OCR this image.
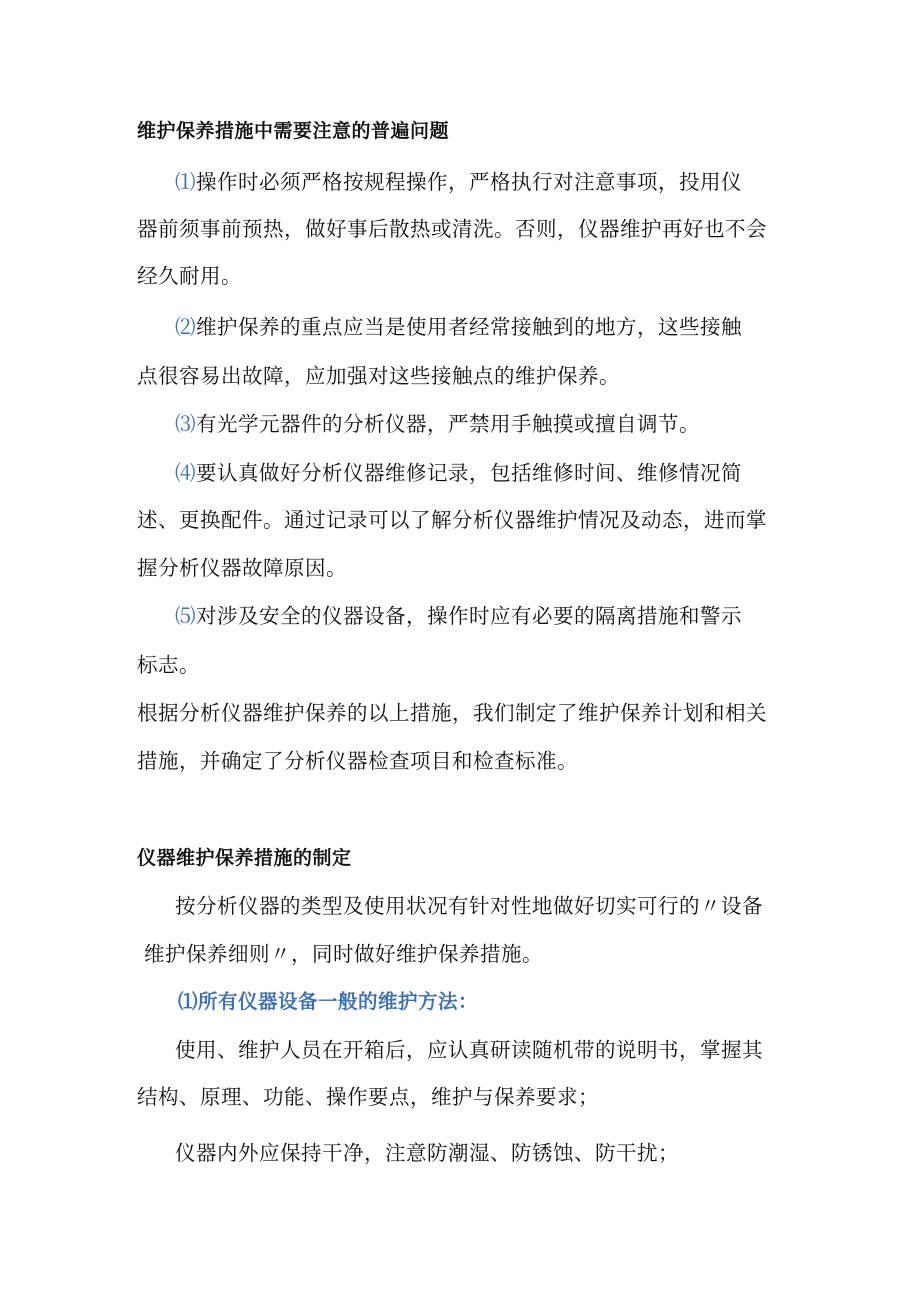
维护保养措施中需要注意的普遍问题
⑴操作时必须严格按规程操作，严格执行对注意事项，投用仪
器前须事前预热，做好事后散热或清洗。否则，仪器维护再好也不会
经久耐用。
⑵维护保养的重点应当是使用者经常接触到的地方，这些接触
点很容易出故障，应加强对这些接触点的维护保养。
⑶有光学元器件的分析仪器，严禁用手触摸或擅自调节。
⑷要认真做好分析仪器维修记录，包括维修时间、维修情况简
述、更换配件。通过记录可以了解分析仪器维护情况及动态，进而掌
握分析仪器故障原因。
⑸对涉及安全的仪器设备，操作时应有必要的隔离措施和警示
标志。
根据分析仪器维护保养的以上措施，我们制定了维护保养计划和相关
措施，并确定了分析仪器检查项目和检查标准。
仪器维护保养措施的制定
按分析仪器的类型及使用状况有针对性地做好切实可行的〃设备
维护保养细则〃，同时做好维护保养措施。
⑴所有仪器设备一般的维护方法：
使用、维护人员在开箱后，应认真研读随机带的说明书，掌握其
结构、原理、功能、操作要点，维护与保养要求；
仪器内外应保持干净，注意防潮湿、防锈蚀、防干扰；
